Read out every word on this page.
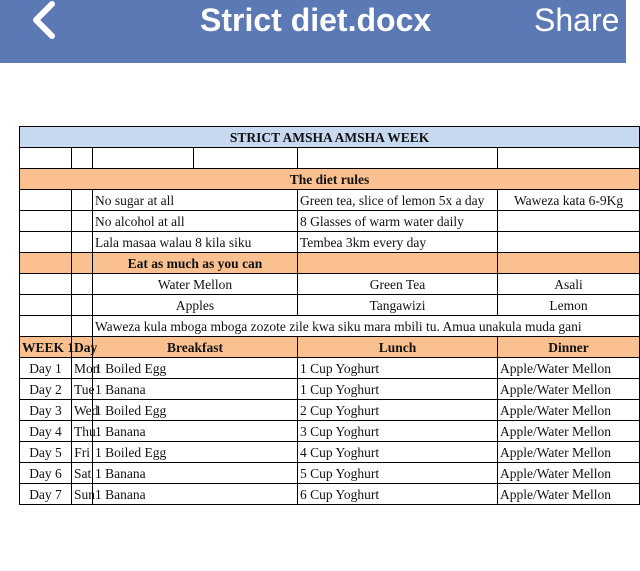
Strict diet.docx	Share
STRICT AMSHA AMSHA WEEK					

The diet rules					
		No sugar at all		Green tea, slice of lemon 5x a day	Waweza kata 6-9Kg
		No alcohol at all		8 Glasses of warm water daily	
		Lala masaa walau 8 kila siku		Tembea 3km every day	
		Eat as much as you can			
		Water Mellon		Green Tea	Asali
		Apples		Tangawizi	Lemon
		Waweza kula mboga mboga zozote zile kwa siku mara mbili tu. Amua unakula muda gani			
WEEK 1	Day	Breakfast		Lunch	Dinner
Day 1	Mon	1 Boiled Egg		1 Cup Yoghurt	Apple/Water Mellon
Day 2	Tue	1 Banana		1 Cup Yoghurt	Apple/Water Mellon
Day 3	Wed	1 Boiled Egg		2 Cup Yoghurt	Apple/Water Mellon
Day 4	Thu	1 Banana		3 Cup Yoghurt	Apple/Water Mellon
Day 5	Fri	1 Boiled Egg		4 Cup Yoghurt	Apple/Water Mellon
Day 6	Sat	1 Banana		5 Cup Yoghurt	Apple/Water Mellon
Day 7	Sun	1 Banana		6 Cup Yoghurt	Apple/Water Mellon
